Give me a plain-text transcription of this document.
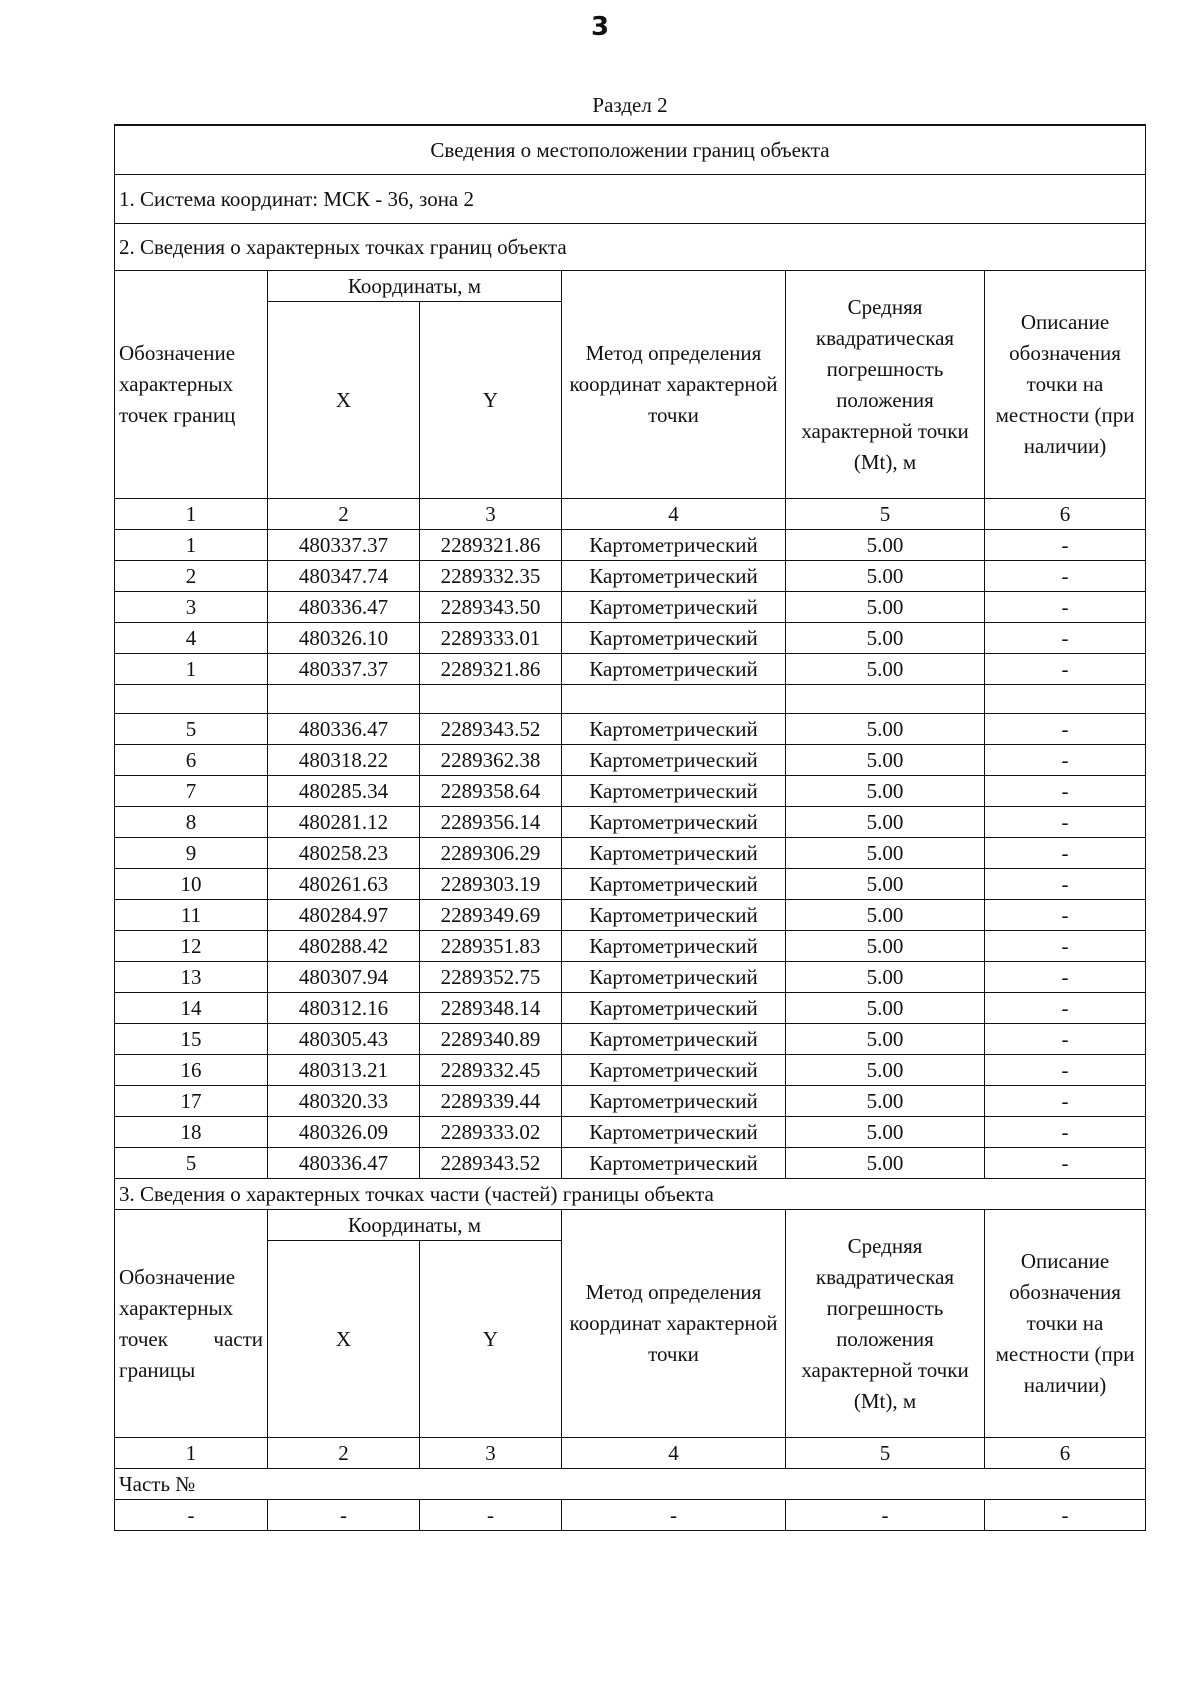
3
Раздел 2
Сведения о местоположении границ объекта					
1. Система координат: МСК - 36, зона 2					
2. Сведения о характерных точках границ объекта					
Обозначение характерных точек границ	Координаты, м		Метод определения координат характерной точки	Средняя квадратическая погрешность положения характерной точки (Mt), м	Описание обозначения точки на местности (при наличии)
	X	Y			
1	2	3	4	5	6
1	480337.37	2289321.86	Картометрический	5.00	-
2	480347.74	2289332.35	Картометрический	5.00	-
3	480336.47	2289343.50	Картометрический	5.00	-
4	480326.10	2289333.01	Картометрический	5.00	-
1	480337.37	2289321.86	Картометрический	5.00	-

5	480336.47	2289343.52	Картометрический	5.00	-
6	480318.22	2289362.38	Картометрический	5.00	-
7	480285.34	2289358.64	Картометрический	5.00	-
8	480281.12	2289356.14	Картометрический	5.00	-
9	480258.23	2289306.29	Картометрический	5.00	-
10	480261.63	2289303.19	Картометрический	5.00	-
11	480284.97	2289349.69	Картометрический	5.00	-
12	480288.42	2289351.83	Картометрический	5.00	-
13	480307.94	2289352.75	Картометрический	5.00	-
14	480312.16	2289348.14	Картометрический	5.00	-
15	480305.43	2289340.89	Картометрический	5.00	-
16	480313.21	2289332.45	Картометрический	5.00	-
17	480320.33	2289339.44	Картометрический	5.00	-
18	480326.09	2289333.02	Картометрический	5.00	-
5	480336.47	2289343.52	Картометрический	5.00	-
3. Сведения о характерных точках части (частей) границы объекта					
Обозначение характерных точек части границы	Координаты, м		Метод определения координат характерной точки	Средняя квадратическая погрешность положения характерной точки (Mt), м	Описание обозначения точки на местности (при наличии)
	X	Y			
1	2	3	4	5	6
Часть №					
-	-	-	-	-	-
